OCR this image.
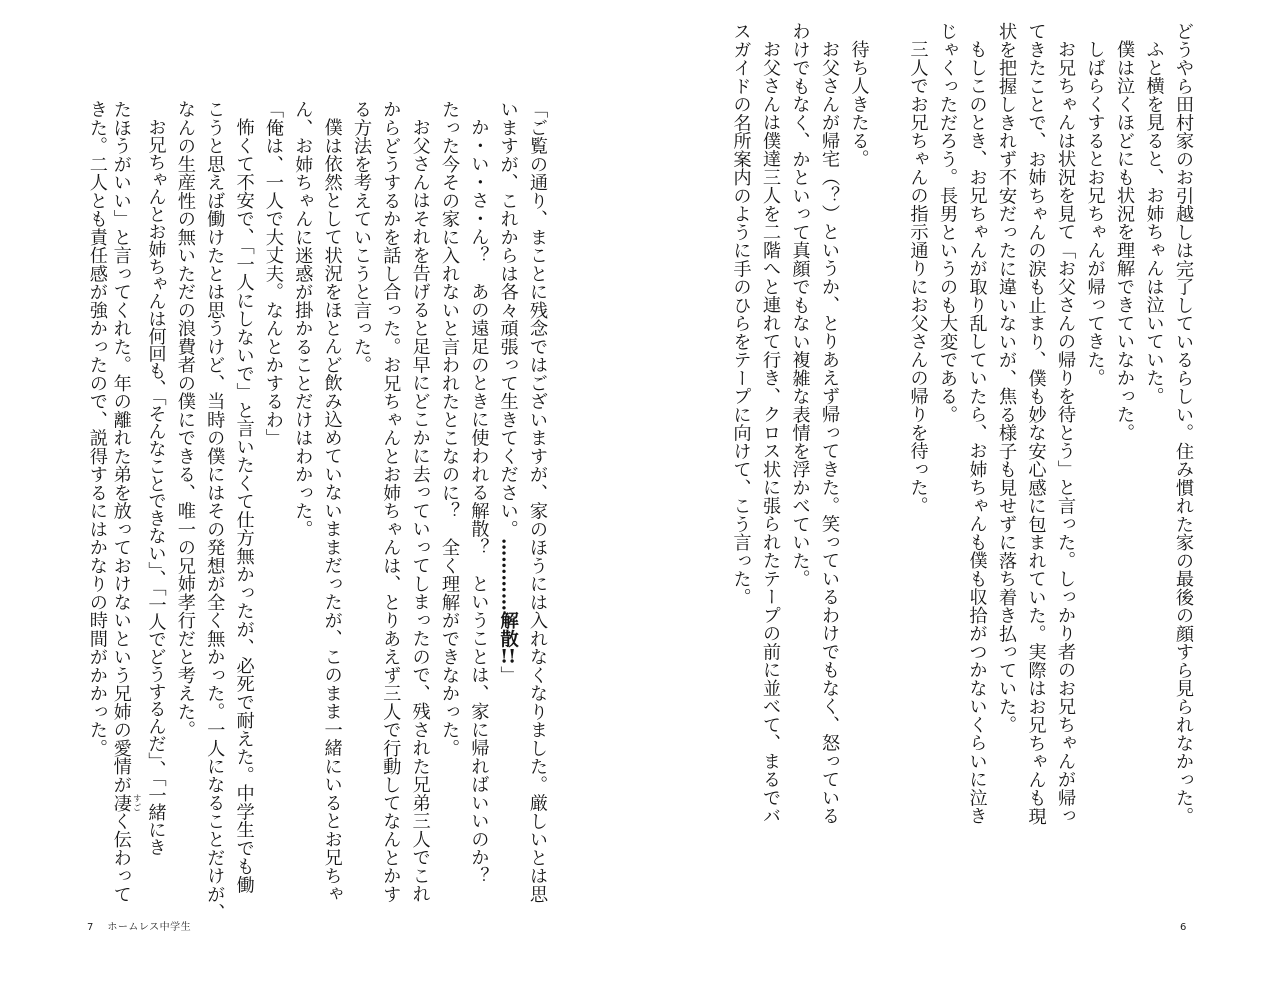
どうやら田村家のお引越しは完了しているらしい。住み慣れた家の最後の顔すら見られなかった。
ふと横を見ると、お姉ちゃんは泣いていた。
僕は泣くほどにも状況を理解できていなかった。
しばらくするとお兄ちゃんが帰ってきた。
お兄ちゃんは状況を見て「お父さんの帰りを待とう」と言った。しっかり者のお兄ちゃんが帰っ
てきたことで、お姉ちゃんの涙も止まり、僕も妙な安心感に包まれていた。実際はお兄ちゃんも現
状を把握しきれず不安だったに違いないが、焦る様子も見せずに落ち着き払っていた。
もしこのとき、お兄ちゃんが取り乱していたら、お姉ちゃんも僕も収拾がつかないくらいに泣き
じゃくっただろう。長男というのも大変である。
三人でお兄ちゃんの指示通りにお父さんの帰りを待った。
待ち人きたる。
お父さんが帰宅（？）というか、とりあえず帰ってきた。笑っているわけでもなく、怒っている
わけでもなく、かといって真顔でもない複雑な表情を浮かべていた。
お父さんは僕達三人を二階へと連れて行き、クロス状に張られたテープの前に並べて、まるでバ
スガイドの名所案内のように手のひらをテープに向けて、こう言った。
「ご覧の通り、まことに残念ではございますが、家のほうには入れなくなりました。厳しいとは思
いますが、これからは各々頑張って生きてください。…………解散!!」
か・い・さ・ん？　あの遠足のときに使われる解散？　ということは、家に帰ればいいのか？
たった今その家に入れないと言われたとこなのに？　全く理解ができなかった。
お父さんはそれを告げると足早にどこかに去っていってしまったので、残された兄弟三人でこれ
からどうするかを話し合った。お兄ちゃんとお姉ちゃんは、とりあえず三人で行動してなんとかす
る方法を考えていこうと言った。
僕は依然として状況をほとんど飲み込めていないままだったが、このまま一緒にいるとお兄ちゃ
ん、お姉ちゃんに迷惑が掛かることだけはわかった。
「俺は、一人で大丈夫。なんとかするわ」
怖くて不安で、「一人にしないで」と言いたくて仕方無かったが、必死で耐えた。中学生でも働
こうと思えば働けたとは思うけど、当時の僕にはその発想が全く無かった。一人になることだけが、
なんの生産性の無いただの浪費者の僕にできる、唯一の兄姉孝行だと考えた。
お兄ちゃんとお姉ちゃんは何回も、「そんなことできない」、「一人でどうするんだ」、「一緒にき
たほうがいい」と言ってくれた。年の離れた弟を放っておけないという兄姉の愛情が凄 すごく伝わって
きた。二人とも責任感が強かったので、説得するにはかなりの時間がかかった。
7 ホームレス中学生	6
